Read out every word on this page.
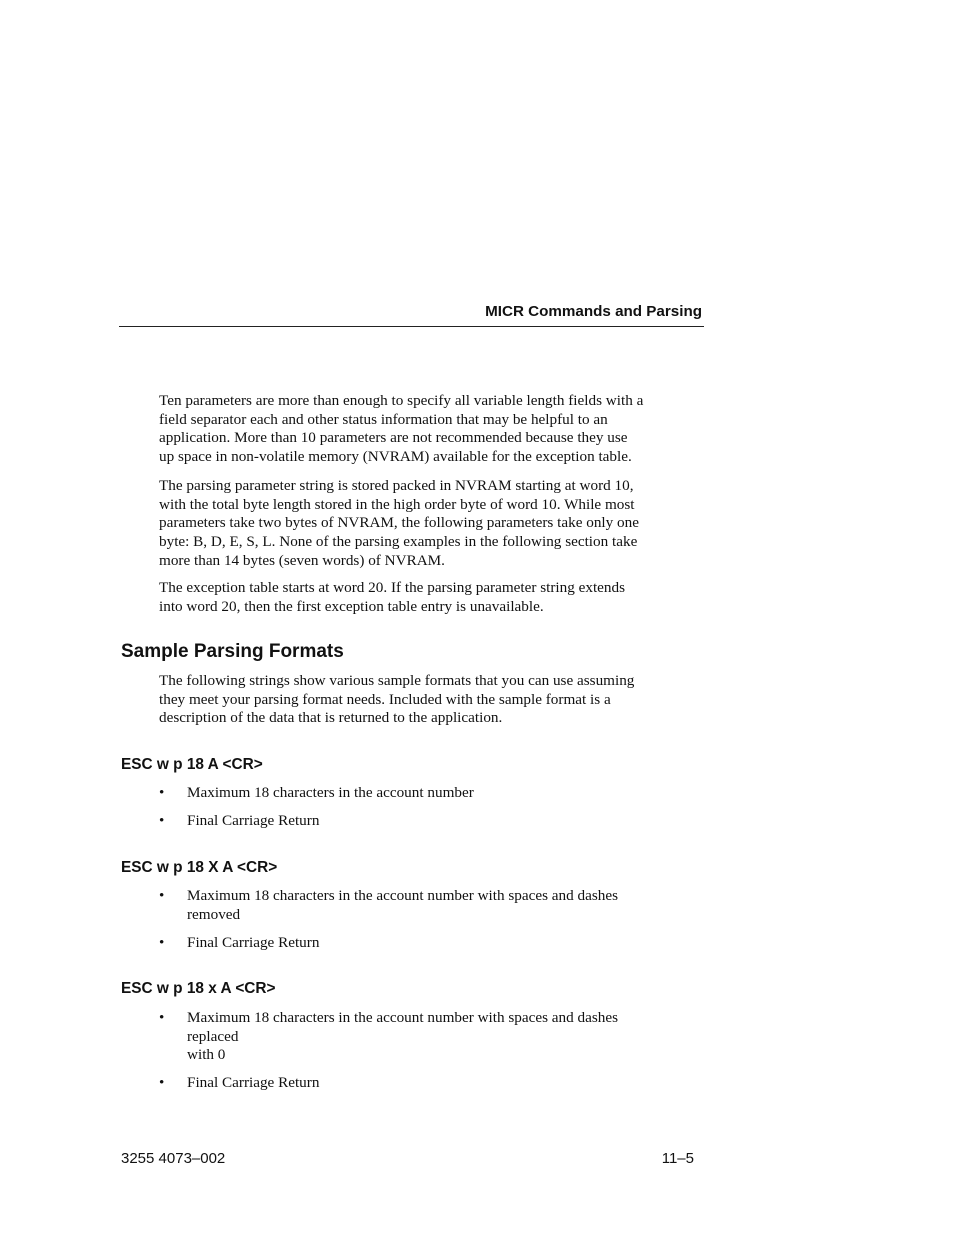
MICR Commands and Parsing
Ten parameters are more than enough to specify all variable length fields with a
field separator each and other status information that may be helpful to an
application. More than 10 parameters are not recommended because they use
up space in non-volatile memory (NVRAM) available for the exception table.
The parsing parameter string is stored packed in NVRAM starting at word 10,
with the total byte length stored in the high order byte of word 10. While most
parameters take two bytes of NVRAM, the following parameters take only one
byte: B, D, E, S, L. None of the parsing examples in the following section take
more than 14 bytes (seven words) of NVRAM.
The exception table starts at word 20. If the parsing parameter string extends
into word 20, then the first exception table entry is unavailable.
Sample Parsing Formats
The following strings show various sample formats that you can use assuming
they meet your parsing format needs. Included with the sample format is a
description of the data that is returned to the application.
ESC w p 18 A <CR>
• Maximum 18 characters in the account number
• Final Carriage Return
ESC w p 18 X A <CR>
• Maximum 18 characters in the account number with spaces and dashes
removed
• Final Carriage Return
ESC w p 18 x A <CR>
• Maximum 18 characters in the account number with spaces and dashes
replaced
with 0
• Final Carriage Return
3255 4073–002	11–5
